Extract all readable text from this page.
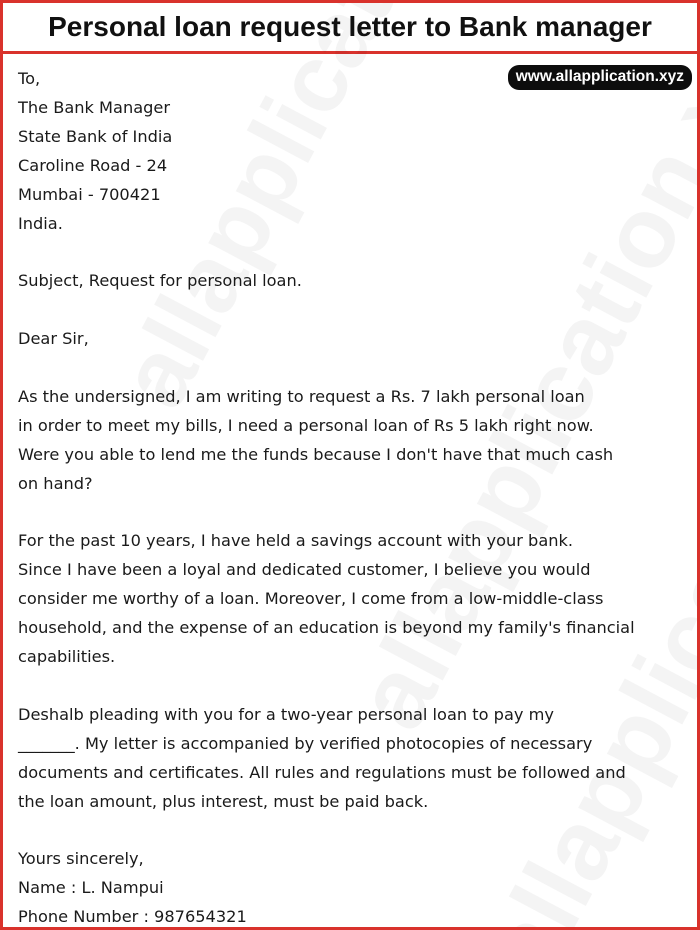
Personal loan request letter to Bank manager
www.allapplication.xyz
To,
The Bank Manager
State Bank of India
Caroline Road - 24
Mumbai - 700421
India.
Subject, Request for personal loan.
Dear Sir,
As the undersigned, I am writing to request a Rs. 7 lakh personal loan
in order to meet my bills, I need a personal loan of Rs 5 lakh right now.
Were you able to lend me the funds because I don't have that much cash
on hand?
For the past 10 years, I have held a savings account with your bank.
Since I have been a loyal and dedicated customer, I believe you would
consider me worthy of a loan. Moreover, I come from a low-middle-class
household, and the expense of an education is beyond my family's financial
capabilities.
Deshalb pleading with you for a two-year personal loan to pay my
_______. My letter is accompanied by verified photocopies of necessary
documents and certificates. All rules and regulations must be followed and
the loan amount, plus interest, must be paid back.
Yours sincerely,
Name : L. Nampui
Phone Number : 987654321
